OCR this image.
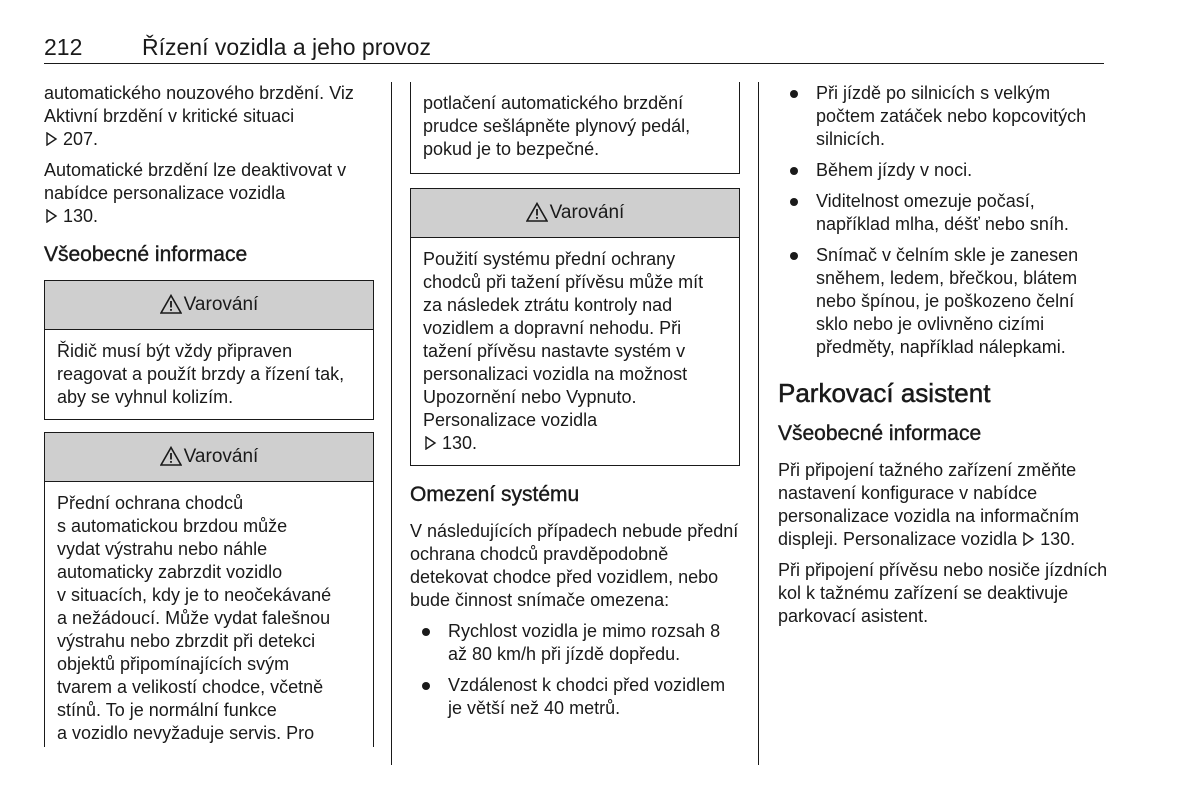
212	Řízení vozidla a jeho provoz

automatického nouzového brzdění. Viz Aktivní brzdění v kritické situaci
207.

Automatické brzdění lze deaktivovat v nabídce personalizace vozidla
130.

Všeobecné informace
Varování
Řidič musí být vždy připraven reagovat a použít brzdy a řízení tak, aby se vyhnul kolizím.
Varování
Přední ochrana chodců
s automatickou brzdou může
vydat výstrahu nebo náhle
automaticky zabrzdit vozidlo
v situacích, kdy je to neočekávané
a nežádoucí. Může vydat falešnou
výstrahu nebo zbrzdit při detekci
objektů připomínajících svým
tvarem a velikostí chodce, včetně
stínů. To je normální funkce
a vozidlo nevyžaduje servis. Pro
potlačení automatického brzdění prudce sešlápněte plynový pedál, pokud je to bezpečné.
Varování
Použití systému přední ochrany chodců při tažení přívěsu může mít za následek ztrátu kontroly nad vozidlem a dopravní nehodu. Při tažení přívěsu nastavte systém v personalizaci vozidla na možnost Upozornění nebo Vypnuto. Personalizace vozidla
130.
Omezení systému

V následujících případech nebude přední ochrana chodců pravděpodobně detekovat chodce před vozidlem, nebo bude činnost snímače omezena:

Rychlost vozidla je mimo rozsah 8 až 80 km/h při jízdě dopředu.
Vzdálenost k chodci před vozidlem je větší než 40 metrů.
Při jízdě po silnicích s velkým počtem zatáček nebo kopcovitých silnicích.
Během jízdy v noci.
Viditelnost omezuje počasí, například mlha, déšť nebo sníh.
Snímač v čelním skle je zanesen sněhem, ledem, břečkou, blátem nebo špínou, je poškozeno čelní sklo nebo je ovlivněno cizími předměty, například nálepkami.
Parkovací asistent
Všeobecné informace

Při připojení tažného zařízení změňte nastavení konfigurace v nabídce personalizace vozidla na informačním displeji. Personalizace vozidla 130.

Při připojení přívěsu nebo nosiče jízdních kol k tažnému zařízení se deaktivuje parkovací asistent.
